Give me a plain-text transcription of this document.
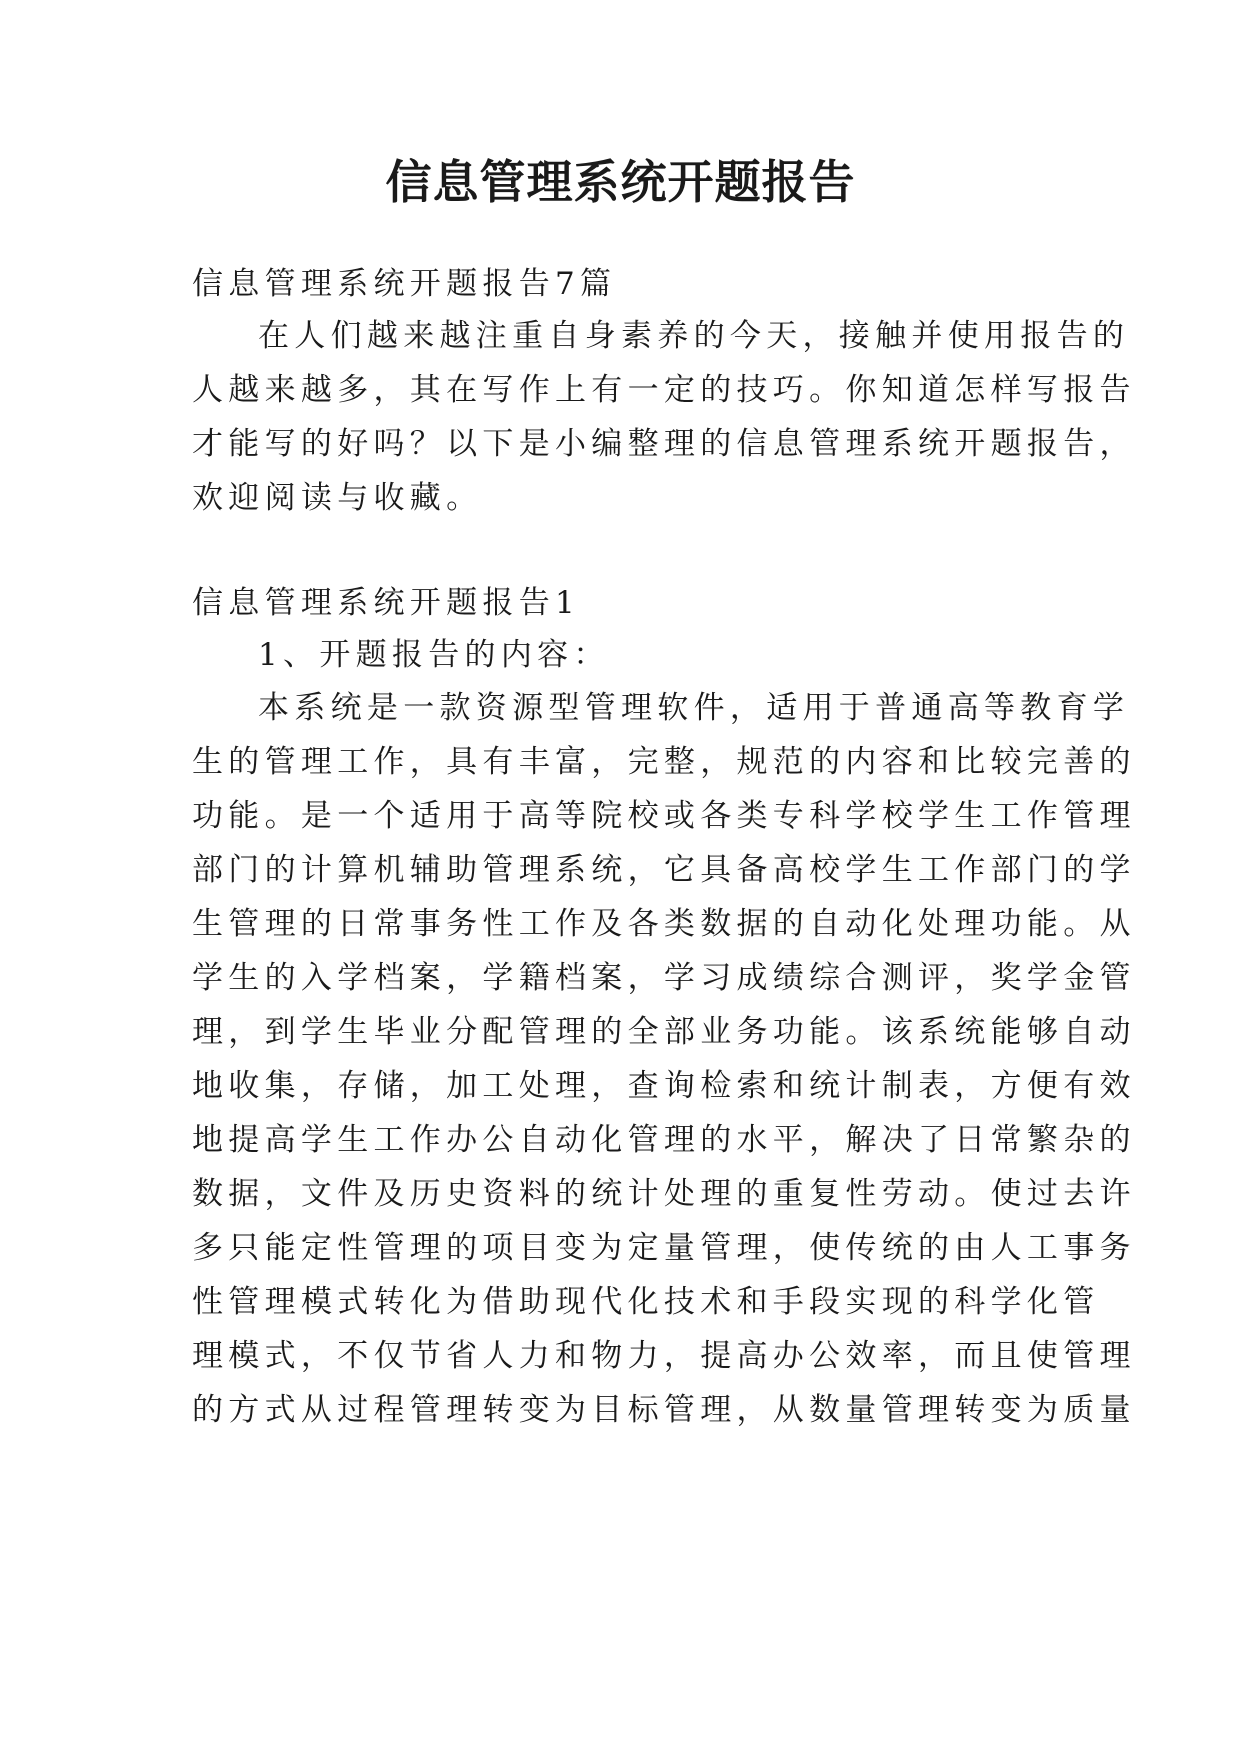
信息管理系统开题报告
信息管理系统开题报告7篇
在人们越来越注重自身素养的今天，接触并使用报告的
人越来越多，其在写作上有一定的技巧。你知道怎样写报告
才能写的好吗？以下是小编整理的信息管理系统开题报告，
欢迎阅读与收藏。
信息管理系统开题报告1
1、开题报告的内容：
本系统是一款资源型管理软件，适用于普通高等教育学
生的管理工作，具有丰富，完整，规范的内容和比较完善的
功能。是一个适用于高等院校或各类专科学校学生工作管理
部门的计算机辅助管理系统，它具备高校学生工作部门的学
生管理的日常事务性工作及各类数据的自动化处理功能。从
学生的入学档案，学籍档案，学习成绩综合测评，奖学金管
理，到学生毕业分配管理的全部业务功能。该系统能够自动
地收集，存储，加工处理，查询检索和统计制表，方便有效
地提高学生工作办公自动化管理的水平，解决了日常繁杂的
数据，文件及历史资料的统计处理的重复性劳动。使过去许
多只能定性管理的项目变为定量管理，使传统的由人工事务
性管理模式转化为借助现代化技术和手段实现的科学化管
理模式，不仅节省人力和物力，提高办公效率，而且使管理
的方式从过程管理转变为目标管理，从数量管理转变为质量
